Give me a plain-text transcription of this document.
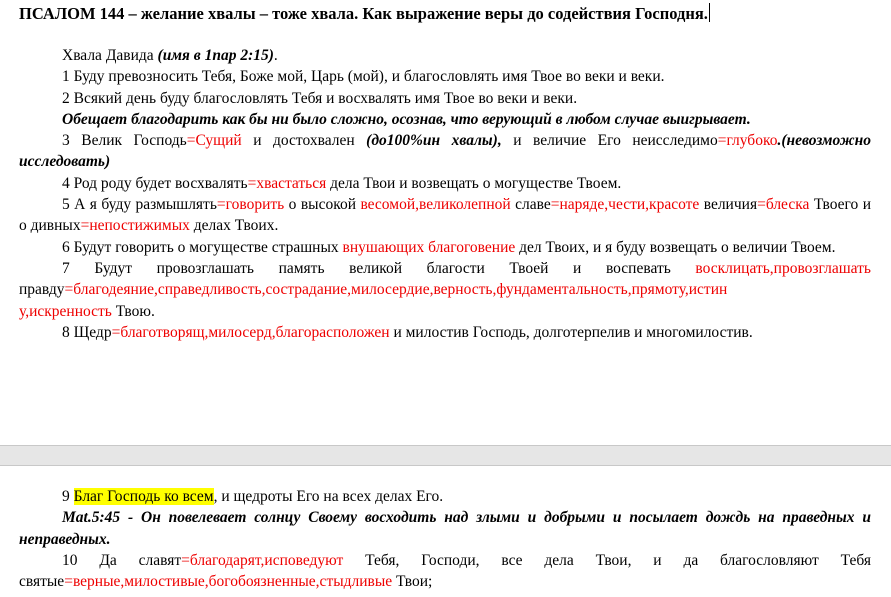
ПСАЛОМ 144 – желание хвалы – тоже хвала. Как выражение веры до содействия Господня.

Хвала Давида (имя в 1пар 2:15).

1 Буду превозносить Тебя, Боже мой, Царь (мой), и благословлять имя Твое во веки и веки.

2 Всякий день буду благословлять Тебя и восхвалять имя Твое во веки и веки.

Обещает благодарить как бы ни было сложно, осознав, что верующий в любом случае выигрывает.

3 Велик Господь=Сущий и достохвален (до100%ин хвалы), и величие Его неисследимо=глубоко.(невозможно исследовать)

4 Род роду будет восхвалять=хвастаться дела Твои и возвещать о могуществе Твоем.

5 А я буду размышлять=говорить о высокой весомой,великолепной славе=наряде,чести,красоте величия=блеска Твоего и о дивных=непостижимых делах Твоих.

6 Будут говорить о могуществе страшных внушающих благоговение дел Твоих, и я буду возвещать о величии Твоем.

7 Будут провозглашать память великой благости Твоей и воспевать восклицать,провозглашать правду=благодеяние,справедливость,сострадание,милосердие,верность,фундаментальность,прямоту,истин
у,искренность Твою.

8 Щедр=благотворящ,милосерд,благорасположен и милостив Господь, долготерпелив и многомилостив.

9 Благ Господь ко всем, и щедроты Его на всех делах Его.

Mat.5:45 - Он повелевает солнцу Своему восходить над злыми и добрыми и посылает дождь на праведных и неправедных.

10 Да славят=благодарят,исповедуют Тебя, Господи, все дела Твои, и да благословляют Тебя святые=верные,милостивые,богобоязненные,стыдливые Твои;
